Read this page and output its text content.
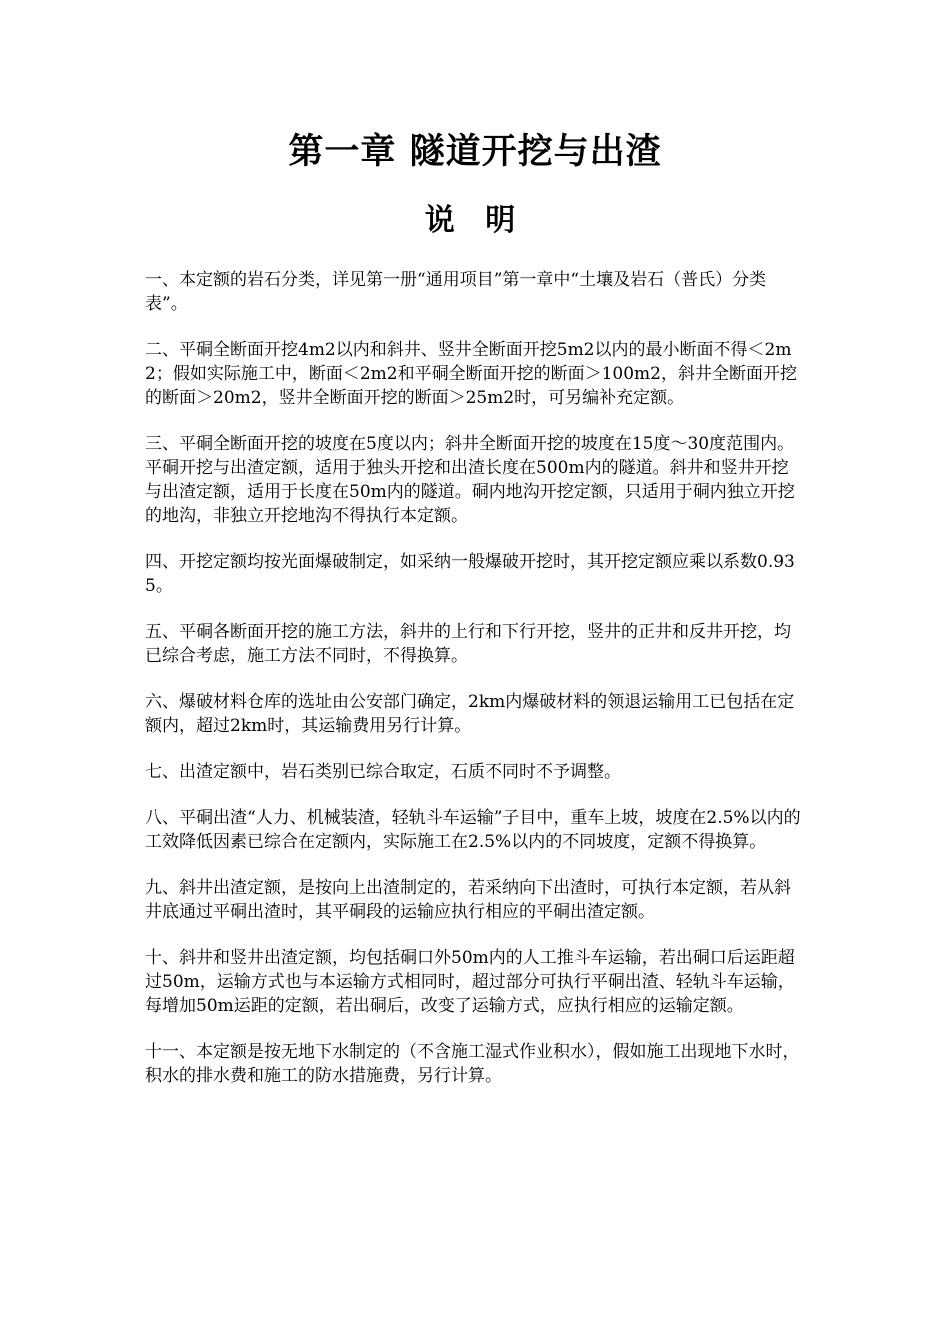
第一章 隧道开挖与出渣
说 明

一、本定额的岩石分类，详见第一册“通用项目”第一章中“土壤及岩石（普氏）分类表”。

二、平硐全断面开挖4m2以内和斜井、竖井全断面开挖5m2以内的最小断面不得＜2m2；假如实际施工中，断面＜2m2和平硐全断面开挖的断面＞100m2，斜井全断面开挖的断面＞20m2，竖井全断面开挖的断面＞25m2时，可另编补充定额。

三、平硐全断面开挖的坡度在5度以内；斜井全断面开挖的坡度在15度～30度范围内。平硐开挖与出渣定额，适用于独头开挖和出渣长度在500m内的隧道。斜井和竖井开挖与出渣定额，适用于长度在50m内的隧道。硐内地沟开挖定额，只适用于硐内独立开挖的地沟，非独立开挖地沟不得执行本定额。

四、开挖定额均按光面爆破制定，如采纳一般爆破开挖时，其开挖定额应乘以系数0.935。

五、平硐各断面开挖的施工方法，斜井的上行和下行开挖，竖井的正井和反井开挖，均已综合考虑，施工方法不同时，不得换算。

六、爆破材料仓库的选址由公安部门确定，2km内爆破材料的领退运输用工已包括在定额内，超过2km时，其运输费用另行计算。

七、出渣定额中，岩石类别已综合取定，石质不同时不予调整。

八、平硐出渣“人力、机械装渣，轻轨斗车运输”子目中，重车上坡，坡度在2.5%以内的工效降低因素已综合在定额内，实际施工在2.5%以内的不同坡度，定额不得换算。

九、斜井出渣定额，是按向上出渣制定的，若采纳向下出渣时，可执行本定额，若从斜井底通过平硐出渣时，其平硐段的运输应执行相应的平硐出渣定额。

十、斜井和竖井出渣定额，均包括硐口外50m内的人工推斗车运输，若出硐口后运距超过50m，运输方式也与本运输方式相同时，超过部分可执行平硐出渣、轻轨斗车运输，每增加50m运距的定额，若出硐后，改变了运输方式，应执行相应的运输定额。

十一、本定额是按无地下水制定的（不含施工湿式作业积水），假如施工出现地下水时，积水的排水费和施工的防水措施费，另行计算。
